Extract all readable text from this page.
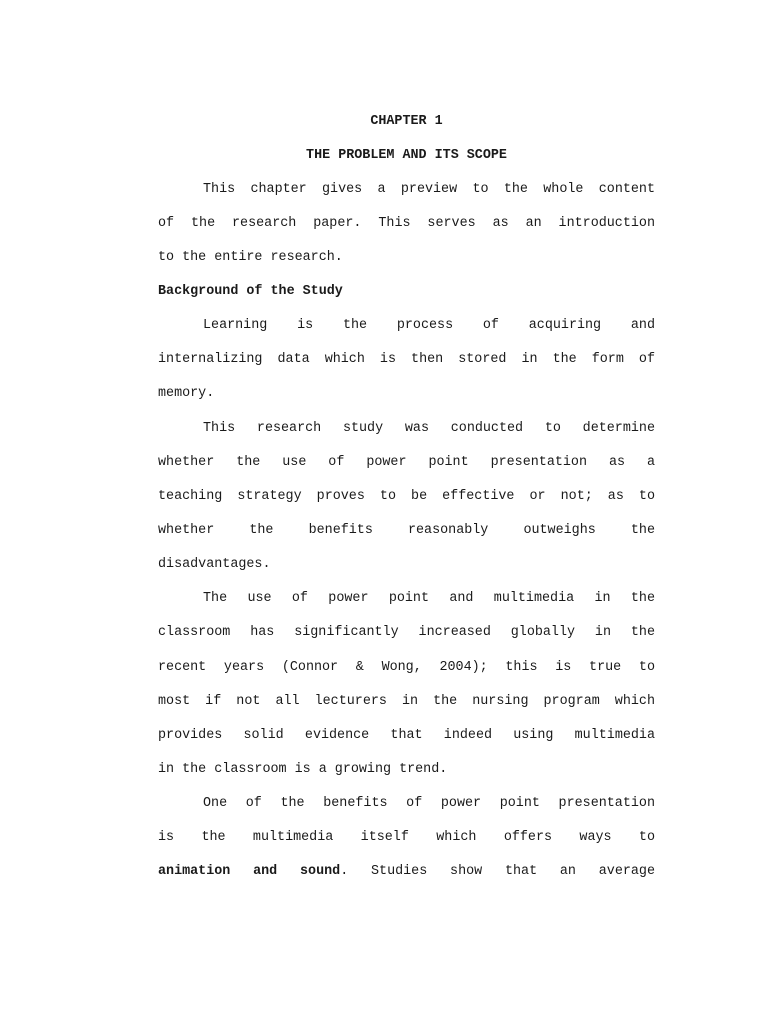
CHAPTER 1

THE PROBLEM AND ITS SCOPE

This chapter gives a preview to the whole content

of the research paper. This serves as an introduction

to the entire research.

Background of the Study

Learning is the process of acquiring and

internalizing data which is then stored in the form of

memory.

This research study was conducted to determine

whether the use of power point presentation as a

teaching strategy proves to be effective or not; as to

whether the benefits reasonably outweighs the

disadvantages.

The use of power point and multimedia in the

classroom has significantly increased globally in the

recent years (Connor & Wong, 2004); this is true to

most if not all lecturers in the nursing program which

provides solid evidence that indeed using multimedia

in the classroom is a growing trend.

One of the benefits of power point presentation

is the multimedia itself which offers ways to

animation and sound. Studies show that an average
